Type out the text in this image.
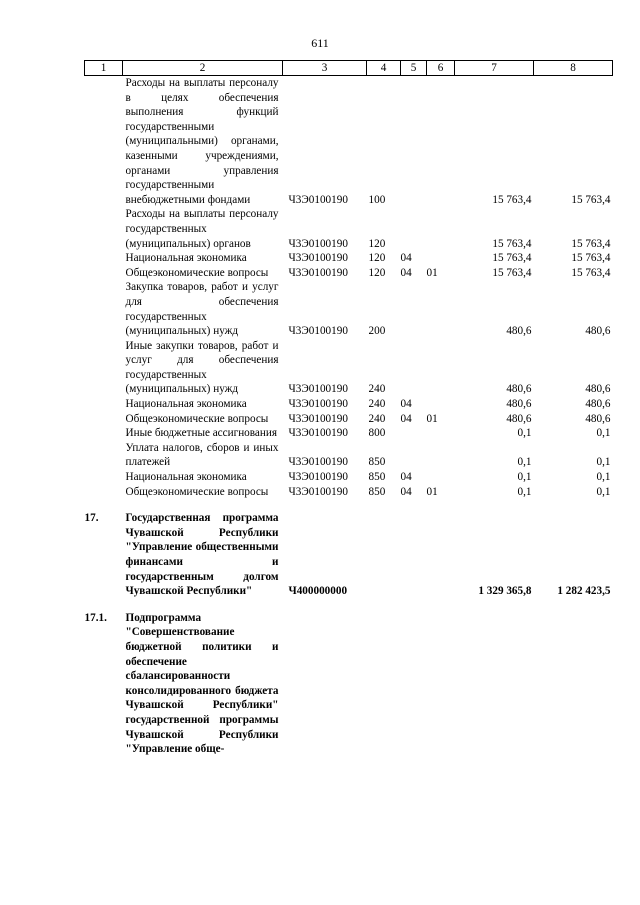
611
1	2	3	4	5	6	7	8
	Расходы на выплаты персоналу в целях обеспечения выполнения функций государственными (муниципальными) органами, казенными учреждениями, органами управления государственными внебюджетными фондами	Ч3Э0100190	100			15 763,4	15 763,4
	Расходы на выплаты персоналу государственных (муниципальных) органов	Ч3Э0100190	120			15 763,4	15 763,4
	Национальная экономика	Ч3Э0100190	120	04		15 763,4	15 763,4
	Общеэкономические вопросы	Ч3Э0100190	120	04	01	15 763,4	15 763,4
	Закупка товаров, работ и услуг для обеспечения государственных (муниципальных) нужд	Ч3Э0100190	200			480,6	480,6
	Иные закупки товаров, работ и услуг для обеспечения государственных (муниципальных) нужд	Ч3Э0100190	240			480,6	480,6
	Национальная экономика	Ч3Э0100190	240	04		480,6	480,6
	Общеэкономические вопросы	Ч3Э0100190	240	04	01	480,6	480,6
	Иные бюджетные ассигнования	Ч3Э0100190	800			0,1	0,1
	Уплата налогов, сборов и иных платежей	Ч3Э0100190	850			0,1	0,1
	Национальная экономика	Ч3Э0100190	850	04		0,1	0,1
	Общеэкономические вопросы	Ч3Э0100190	850	04	01	0,1	0,1

17.	Государственная программа Чувашской Республики "Управление общественными финансами и государственным долгом Чувашской Республики"	Ч400000000				1 329 365,8	1 282 423,5

17.1.	Подпрограмма "Совершенствование бюджетной политики и обеспечение сбалансированности консолидированного бюджета Чувашской Республики" государственной программы Чувашской Республики "Управление обще-						
